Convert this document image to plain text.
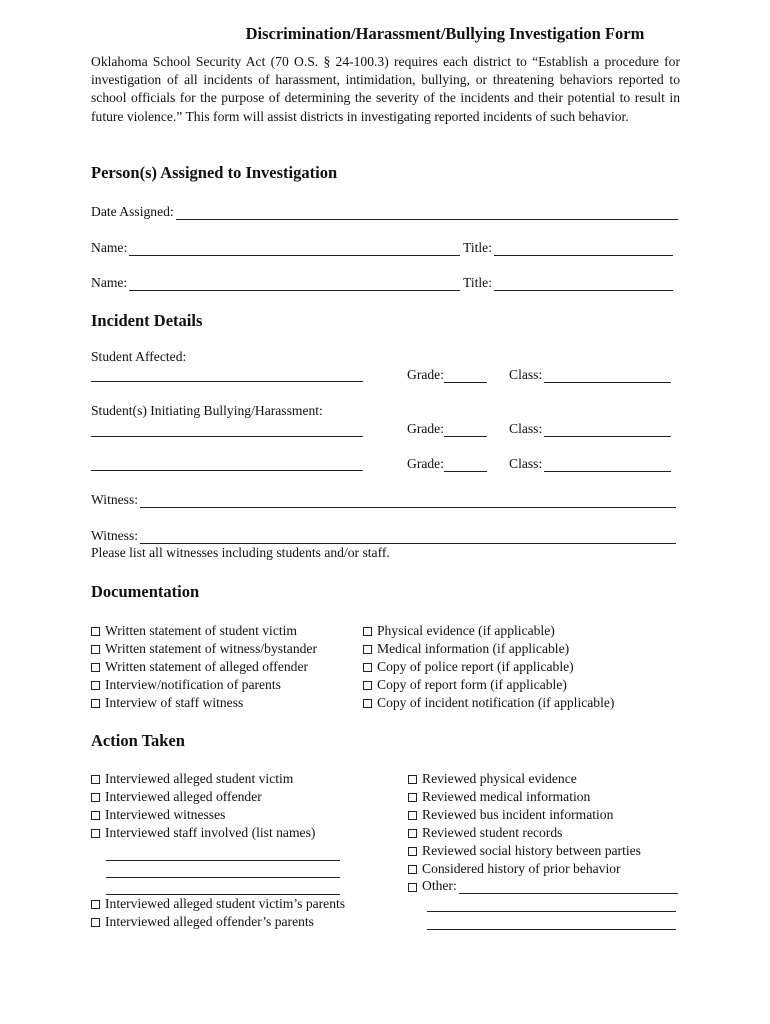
Discrimination/Harassment/Bullying Investigation Form

Oklahoma School Security Act (70 O.S. § 24-100.3) requires each district to “Establish a procedure for investigation of all incidents of harassment, intimidation, bullying, or threatening behaviors reported to school officials for the purpose of determining the severity of the incidents and their potential to result in future violence.” This form will assist districts in investigating reported incidents of such behavior.

Person(s) Assigned to Investigation
Date Assigned:
Name:	Title:
Name:	Title:
Incident Details
Student Affected:
Grade:	Class:
Student(s) Initiating Bullying/Harassment:
Grade:	Class:
Grade:	Class:
Witness:
Witness:
Please list all witnesses including students and/or staff.
Documentation
Written statement of student victim
Written statement of witness/bystander
Written statement of alleged offender
Interview/notification of parents
Interview of staff witness
Physical evidence (if applicable)
Medical information (if applicable)
Copy of police report (if applicable)
Copy of report form (if applicable)
Copy of incident notification (if applicable)
Action Taken
Interviewed alleged student victim
Interviewed alleged offender
Interviewed witnesses
Interviewed staff involved (list names)
Interviewed alleged student victim’s parents
Interviewed alleged offender’s parents
Reviewed physical evidence
Reviewed medical information
Reviewed bus incident information
Reviewed student records
Reviewed social history between parties
Considered history of prior behavior
Other:
